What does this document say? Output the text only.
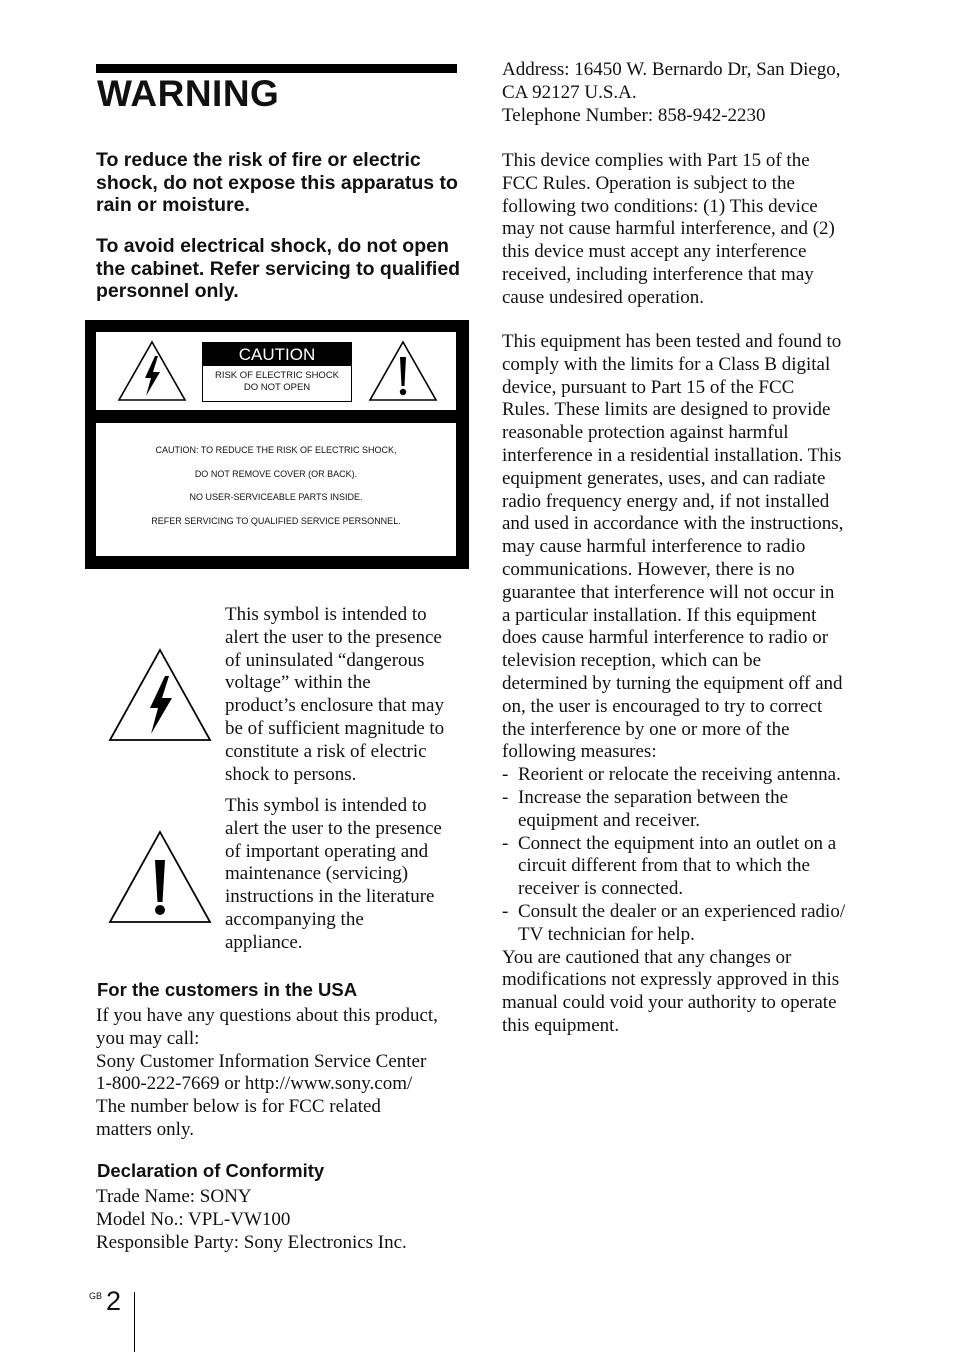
WARNING
To reduce the risk of fire or electric shock, do not expose this apparatus to rain or moisture.
To avoid electrical shock, do not open the cabinet. Refer servicing to qualified personnel only.
CAUTION
RISK OF ELECTRIC SHOCK
DO NOT OPEN
CAUTION: TO REDUCE THE RISK OF ELECTRIC SHOCK,
DO NOT REMOVE COVER (OR BACK).
NO USER-SERVICEABLE PARTS INSIDE.
REFER SERVICING TO QUALIFIED SERVICE PERSONNEL.
This symbol is intended to
alert the user to the presence
of uninsulated “dangerous
voltage” within the
product’s enclosure that may
be of sufficient magnitude to
constitute a risk of electric
shock to persons.
This symbol is intended to
alert the user to the presence
of important operating and
maintenance (servicing)
instructions in the literature
accompanying the
appliance.
For the customers in the USA
If you have any questions about this product,
you may call:
Sony Customer Information Service Center
1-800-222-7669 or http://www.sony.com/
The number below is for FCC related
matters only.
Declaration of Conformity
Trade Name: SONY
Model No.: VPL-VW100
Responsible Party: Sony Electronics Inc.
Address: 16450 W. Bernardo Dr, San Diego,
CA 92127 U.S.A.
Telephone Number: 858-942-2230
This device complies with Part 15 of the
FCC Rules. Operation is subject to the
following two conditions: (1) This device
may not cause harmful interference, and (2)
this device must accept any interference
received, including interference that may
cause undesired operation.
This equipment has been tested and found to
comply with the limits for a Class B digital
device, pursuant to Part 15 of the FCC
Rules. These limits are designed to provide
reasonable protection against harmful
interference in a residential installation. This
equipment generates, uses, and can radiate
radio frequency energy and, if not installed
and used in accordance with the instructions,
may cause harmful interference to radio
communications. However, there is no
guarantee that interference will not occur in
a particular installation. If this equipment
does cause harmful interference to radio or
television reception, which can be
determined by turning the equipment off and
on, the user is encouraged to try to correct
the interference by one or more of the
following measures:
- Reorient or relocate the receiving antenna.
- Increase the separation between the
equipment and receiver.
- Connect the equipment into an outlet on a
circuit different from that to which the
receiver is connected.
- Consult the dealer or an experienced radio/
TV technician for help.
You are cautioned that any changes or
modifications not expressly approved in this
manual could void your authority to operate
this equipment.
GB 2
